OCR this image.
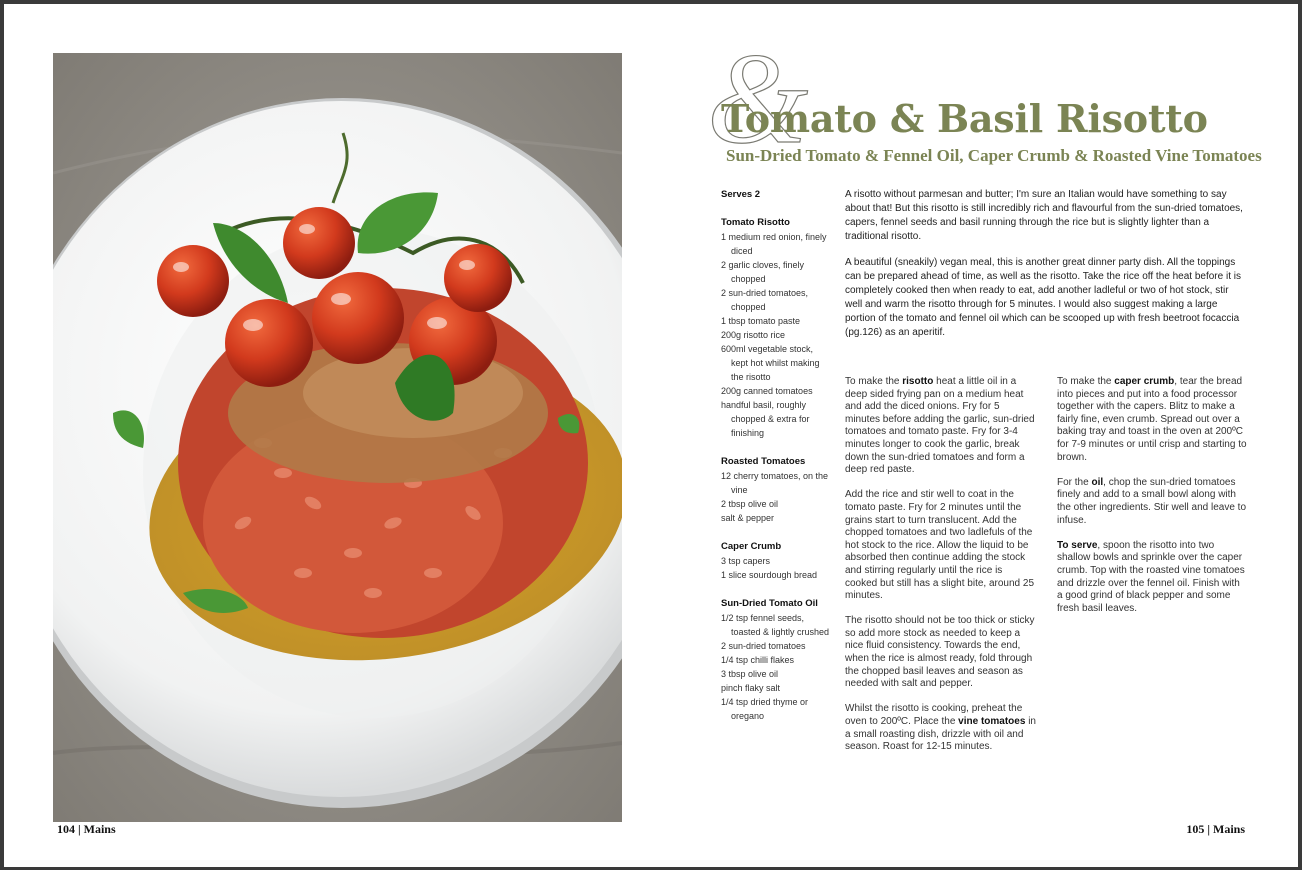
104 | Mains
&
Tomato & Basil Risotto
Sun-Dried Tomato & Fennel Oil, Caper Crumb & Roasted Vine Tomatoes

Serves 2

Tomato Risotto

1 medium red onion, finely diced
2 garlic cloves, finely chopped
2 sun-dried tomatoes, chopped
1 tbsp tomato paste
200g risotto rice
600ml vegetable stock, kept hot whilst making the risotto
200g canned tomatoes
handful basil, roughly chopped & extra for finishing

Roasted Tomatoes

12 cherry tomatoes, on the vine
2 tbsp olive oil
salt & pepper

Caper Crumb

3 tsp capers
1 slice sourdough bread

Sun-Dried Tomato Oil

1/2 tsp fennel seeds, toasted & lightly crushed
2 sun-dried tomatoes
1/4 tsp chilli flakes
3 tbsp olive oil
pinch flaky salt
1/4 tsp dried thyme or oregano

A risotto without parmesan and butter; I'm sure an Italian would have something to say about that! But this risotto is still incredibly rich and flavourful from the sun-dried tomatoes, capers, fennel seeds and basil running through the rice but is slightly lighter than a traditional risotto.

A beautiful (sneakily) vegan meal, this is another great dinner party dish. All the toppings can be prepared ahead of time, as well as the risotto. Take the rice off the heat before it is completely cooked then when ready to eat, add another ladleful or two of hot stock, stir well and warm the risotto through for 5 minutes. I would also suggest making a large portion of the tomato and fennel oil which can be scooped up with fresh beetroot focaccia (pg.126) as an aperitif.

To make the risotto heat a little oil in a deep sided frying pan on a medium heat and add the diced onions. Fry for 5 minutes before adding the garlic, sun-dried tomatoes and tomato paste. Fry for 3-4 minutes longer to cook the garlic, break down the sun-dried tomatoes and form a deep red paste.

Add the rice and stir well to coat in the tomato paste. Fry for 2 minutes until the grains start to turn translucent. Add the chopped tomatoes and two ladlefuls of the hot stock to the rice. Allow the liquid to be absorbed then continue adding the stock and stirring regularly until the rice is cooked but still has a slight bite, around 25 minutes.

The risotto should not be too thick or sticky so add more stock as needed to keep a nice fluid consistency. Towards the end, when the rice is almost ready, fold through the chopped basil leaves and season as needed with salt and pepper.

Whilst the risotto is cooking, preheat the oven to 200ºC. Place the vine tomatoes in a small roasting dish, drizzle with oil and season. Roast for 12-15 minutes.

To make the caper crumb, tear the bread into pieces and put into a food processor together with the capers. Blitz to make a fairly fine, even crumb. Spread out over a baking tray and toast in the oven at 200ºC for 7-9 minutes or until crisp and starting to brown.

For the oil, chop the sun-dried tomatoes finely and add to a small bowl along with the other ingredients. Stir well and leave to infuse.

To serve, spoon the risotto into two shallow bowls and sprinkle over the caper crumb. Top with the roasted vine tomatoes and drizzle over the fennel oil. Finish with a good grind of black pepper and some fresh basil leaves.

105 | Mains
